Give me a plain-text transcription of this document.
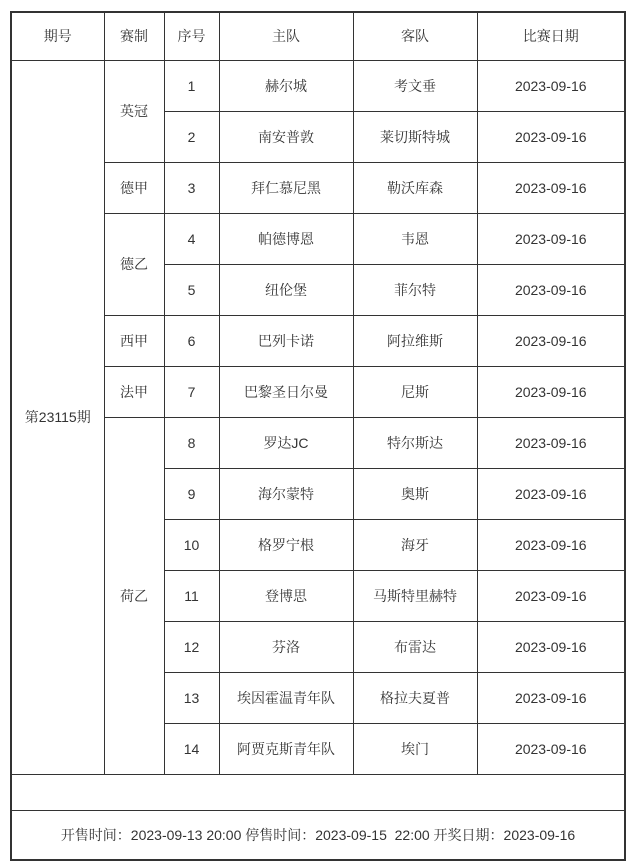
期号	赛制	序号	主队	客队	比赛日期
第23115期	英冠	1	赫尔城	考文垂	2023-09-16
		2	南安普敦	莱切斯特城	2023-09-16
	德甲	3	拜仁慕尼黑	勒沃库森	2023-09-16
	德乙	4	帕德博恩	韦恩	2023-09-16
		5	纽伦堡	菲尔特	2023-09-16
	西甲	6	巴列卡诺	阿拉维斯	2023-09-16
	法甲	7	巴黎圣日尔曼	尼斯	2023-09-16
	荷乙	8	罗达JC	特尔斯达	2023-09-16
		9	海尔蒙特	奥斯	2023-09-16
		10	格罗宁根	海牙	2023-09-16
		11	登博思	马斯特里赫特	2023-09-16
		12	芬洛	布雷达	2023-09-16
		13	埃因霍温青年队	格拉夫夏普	2023-09-16
		14	阿贾克斯青年队	埃门	2023-09-16

开售时间：2023-09-13 20:00 停售时间：2023-09-15  22:00 开奖日期：2023-09-16					
